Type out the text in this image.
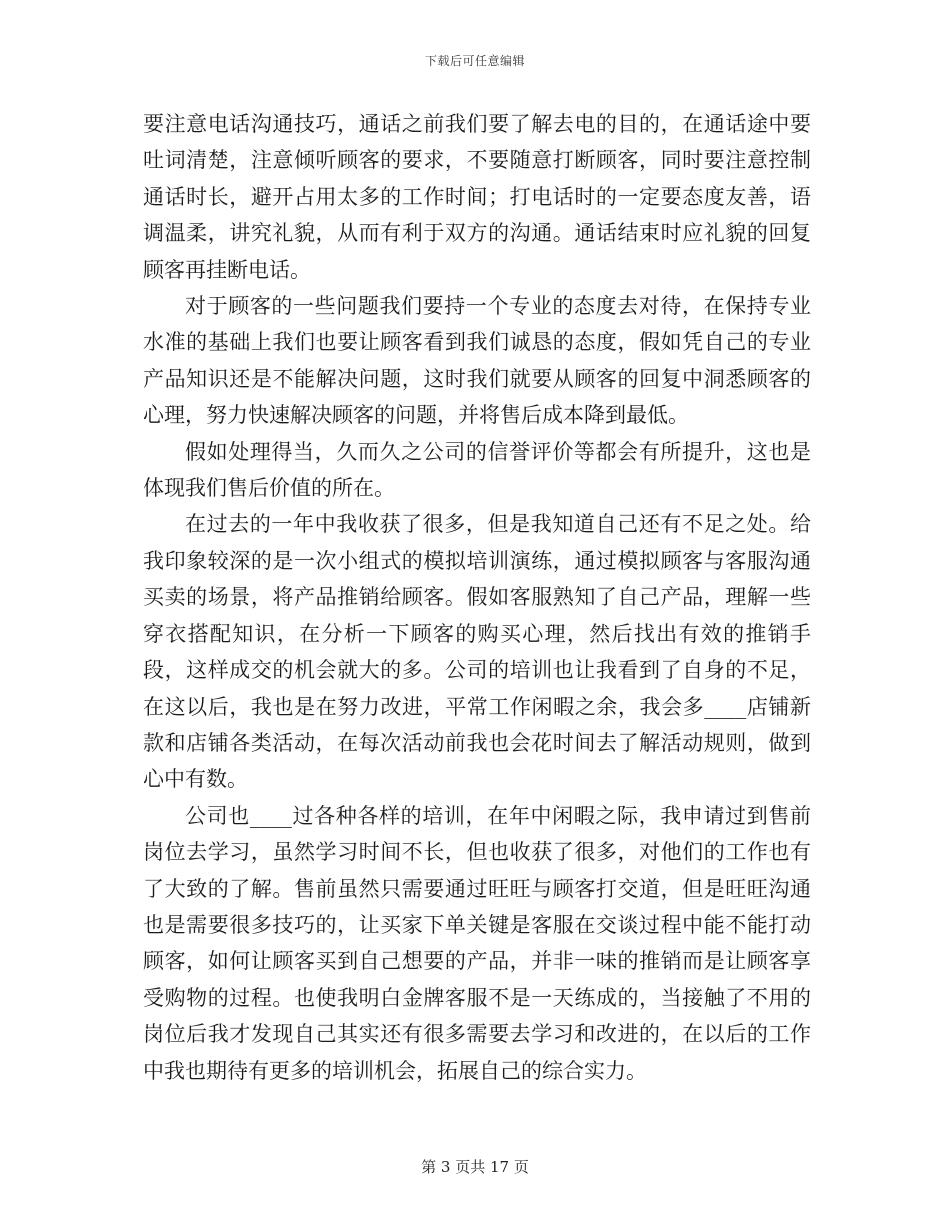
下载后可任意编辑

要注意电话沟通技巧，通话之前我们要了解去电的目的，在通话途中要吐词清楚，注意倾听顾客的要求，不要随意打断顾客，同时要注意控制通话时长，避开占用太多的工作时间；打电话时的一定要态度友善，语调温柔，讲究礼貌，从而有利于双方的沟通。通话结束时应礼貌的回复顾客再挂断电话。

对于顾客的一些问题我们要持一个专业的态度去对待，在保持专业水准的基础上我们也要让顾客看到我们诚恳的态度，假如凭自己的专业产品知识还是不能解决问题，这时我们就要从顾客的回复中洞悉顾客的心理，努力快速解决顾客的问题，并将售后成本降到最低。

假如处理得当，久而久之公司的信誉评价等都会有所提升，这也是体现我们售后价值的所在。

在过去的一年中我收获了很多，但是我知道自己还有不足之处。给我印象较深的是一次小组式的模拟培训演练，通过模拟顾客与客服沟通买卖的场景，将产品推销给顾客。假如客服熟知了自己产品，理解一些穿衣搭配知识，在分析一下顾客的购买心理，然后找出有效的推销手段，这样成交的机会就大的多。公司的培训也让我看到了自身的不足，在这以后，我也是在努力改进，平常工作闲暇之余，我会多____店铺新款和店铺各类活动，在每次活动前我也会花时间去了解活动规则，做到心中有数。

公司也____过各种各样的培训，在年中闲暇之际，我申请过到售前岗位去学习，虽然学习时间不长，但也收获了很多，对他们的工作也有了大致的了解。售前虽然只需要通过旺旺与顾客打交道，但是旺旺沟通也是需要很多技巧的，让买家下单关键是客服在交谈过程中能不能打动顾客，如何让顾客买到自己想要的产品，并非一味的推销而是让顾客享受购物的过程。也使我明白金牌客服不是一天练成的，当接触了不用的岗位后我才发现自己其实还有很多需要去学习和改进的，在以后的工作中我也期待有更多的培训机会，拓展自己的综合实力。

第 3 页共 17 页
